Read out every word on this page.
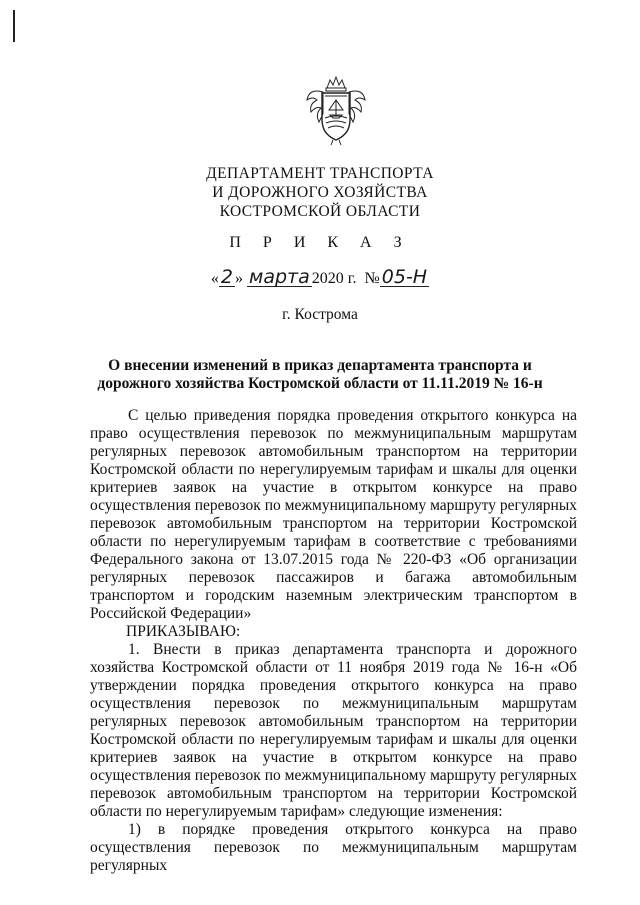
ДЕПАРТАМЕНТ ТРАНСПОРТА
И ДОРОЖНОГО ХОЗЯЙСТВА
КОСТРОМСКОЙ ОБЛАСТИ
П Р И К А З
« 2 » марта 2020 г. № 05-Н
г. Кострома
О внесении изменений в приказ департамента транспорта и
дорожного хозяйства Костромской области от 11.11.2019 № 16-н

С целью приведения порядка проведения открытого конкурса на право осуществления перевозок по межмуниципальным маршрутам регулярных перевозок автомобильным транспортом на территории Костромской области по нерегулируемым тарифам и шкалы для оценки критериев заявок на участие в открытом конкурсе на право осуществления перевозок по межмуниципальному маршруту регулярных перевозок автомобильным транспортом на территории Костромской области по нерегулируемым тарифам в соответствие с требованиями Федерального закона от 13.07.2015 года № 220-ФЗ «Об организации регулярных перевозок пассажиров и багажа автомобильным транспортом и городским наземным электрическим транспортом в Российской Федерации»

ПРИКАЗЫВАЮ:

1. Внести в приказ департамента транспорта и дорожного хозяйства Костромской области от 11 ноября 2019 года № 16-н «Об утверждении порядка проведения открытого конкурса на право осуществления перевозок по межмуниципальным маршрутам регулярных перевозок автомобильным транспортом на территории Костромской области по нерегулируемым тарифам и шкалы для оценки критериев заявок на участие в открытом конкурсе на право осуществления перевозок по межмуниципальному маршруту регулярных перевозок автомобильным транспортом на территории Костромской области по нерегулируемым тарифам» следующие изменения:

1) в порядке проведения открытого конкурса на право осуществления перевозок по межмуниципальным маршрутам регулярных
